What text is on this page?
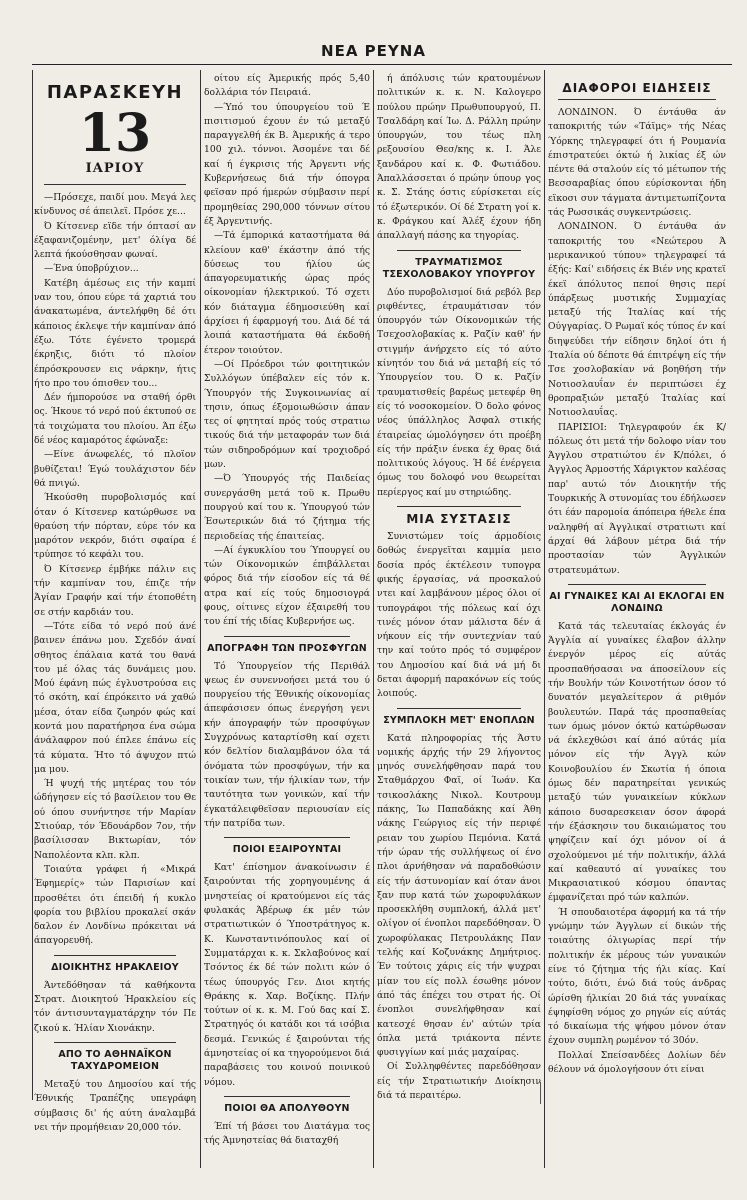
ΝΕΑ ΡΕΥΝΑ
ΠΑΡΑΣΚΕΥΗ
13
ΙΑΡΙΟΥ

—Πρόσεχε, παιδί μου. Μεγά λες κίνδυνος σέ άπειλεϊ. Πρόσε χε...

Ό Κίτσενερ εϊδε τήν όπτασί αν έξαφανιζομένην, μετ' όλίγα δέ λεπτά ήκούσθησαν φωναί.

—Ένα ύποβρύχιον...

Κατέβη άμέσως εις τήν καμπί ναν του, όπου εύρε τά χαρτιά του άνακατωμένα, άντελήφθη δέ ότι κάποιος έκλεψε τήν καμπίναν άπό έξω. Τότε έγένετο τρομερά έκρηξις, διότι τό πλοίον έπρόσκρουσεν εις νάρκην, ήτις ήτο προ του όπισθεν του...

Δέν ήμπορούσε να σταθή όρθι ος. Ήκουε τό νερό πού έκτυπού σε τά τοιχώματα του πλοίου. Άπ έξω δέ νέος καμαρότος έφώναξε:

—Είνε άνωφελές, τό πλοϊον βυθίζεται! Έγώ τουλάχιστον δέν θά πνιγώ.

Ήκούσθη πυροβολισμός καί όταν ό Κίτσενερ κατώρθωσε να θραύση τήν πόρταν, εύρε τόν κα μαρότον νεκρόν, διότι σφαίρα έ τρύπησε τό κεφάλι του.

Ό Κίτσενερ έμβήκε πάλιν εις τήν καμπίναν του, έπιζε τήν Άγίαν Γραφήν καί τήν έτοποθέτη σε στήν καρδιάν του.

—Τότε είδα τό νερό πού άνέ βαινεν έπάνω μου. Σχεδόν άναί σθητος έπάλαια κατά του θανά του μέ όλας τάς δυνάμεις μου. Μού έφάνη πώς έγλυστρούσα εις τό σκότη, καί έπρόκειτο νά χαθώ μέσα, όταν είδα ζωηρόν φώς καί κοντά μου παρατήρησα ένα σώμα άνάλαφρον πού έπλεε έπάνω είς τά κύματα. Ήτο τό άψυχον πτώ μα μου.

Ή ψυχή τής μητέρας του τόν ώδήγησεν είς τό βασίλειον του Θε ού όπου συνήντησε τήν Μαρίαν Στιούαρ, τόν Έδουάρδον 7ον, τήν βασίλισσαν Βικτωρίαν, τόν Ναπολέοντα κλπ. κλπ.

Τοιαύτα γράφει ή «Μικρά Έφημερίς» τών Παρισίων καί προσθέτει ότι έπειδή ή κυκλο φορία του βιβλίου προκαλεί σκάν δαλον έν Λονδίνω πρόκειται νά άπαγορευθή.

ΔΙΟΙΚΗΤΗΣ ΗΡΑΚΛΕΙΟΥ

Άντεδόθησαν τά καθήκοντα Στρατ. Διοικητού Ήρακλείου είς τόν άντισυνταγματάρχην τόν Πε ζικού κ. Ήλίαν Χιονάκην.

ΑΠΟ ΤΟ ΑΘΗΝΑΪΚΟΝ ΤΑΧΥΔΡΟΜΕΙΟΝ

Μεταξύ του Δημοσίου καί τής Έθνικής Τραπέζης υπεγράφη σύμβασις δι' ής αύτη άναλαμβά νει τήν προμήθειαν 20,000 τόν.

οίτου είς Άμερικής πρός 5,40 δολλάρια τόν Πειραιά.

—Ύπό του ύπουργείου τοϋ Έ πισιτισμού έχουν έν τώ μεταξύ παραγγελθή έκ Β. Άμερικής ά τερο 100 χιλ. τόννοι. Άσομένε ται δέ καί ή έγκρισις τής Άργεντι νής Κυβερνήσεως διά τήν όπογρα φεϊσαν πρό ήμερών σύμβασιν περί προμηθείας 290,000 τόννων σίτου έξ Άργεντινής.

—Τά έμπορικά καταστήματα θά κλείουν καθ' έκάστην άπό τής δύσεως του ήλίου ώς άπαγορευματικής ώρας πρός οίκονομίαν ήλεκτρικού. Τό σχετι κόν διάταγμα έδημοσιεύθη καί άρχίσει ή έφαρμογή του. Διά δέ τά λοιπά καταστήματα θά έκδοθή έτερον τοιούτον.

—Οί Πρόεδροι τών φοιτητικών Συλλόγων ύπέβαλεν είς τόν κ. Ύπουργόν τής Συγκοινωνίας αί τησιν, όπως έξομοιωθώσιν άπαν τες οί φητηταί πρός τούς στρατιω τικούς διά τήν μεταφοράν των διά τών σιδηροδρόμων καί τροχιοδρό μων.

—Ό Ύπουργός τής Παιδείας συνεργάσθη μετά τοϋ κ. Πρωθυ πουργού καί του κ. Ύπουργού τών Έσωτερικών διά τό ζήτημα τής περιοδείας τής έπαιτείας.

—Αί έγκυκλίου του Ύπουργεί ου τών Οίκονομικών έπιβάλλεται φόρος διά τήν είσοδον είς τά θέ ατρα καί είς τούς δημοσιογρά φους, οίτινες είχον έξαιρεθή του του έπί τής ιδίας Κυβερνήσε ως.

ΑΠΟΓΡΑΦΗ ΤΩΝ ΠΡΟΣΦΥΓΩΝ

Τό Ύπουργείον τής Περιθάλ ψεως έν συνεννοήσει μετά του ύ πουργείου τής Έθνικής οίκονομίας άπεφάσισεν όπως ένεργήση γενι κήν άπογραφήν τών προσφύγων Συγχρόνως καταρτίσθη καί σχετι κόν δελτίον διαλαμβάνον όλα τά όνόματα τών προσφύγων, τήν κα τοικίαν των, τήν ήλικίαν των, τήν ταυτότητα των γονικών, καί τήν έγκατάλειφθεϊσαν περιουσίαν είς τήν πατρίδα των.

ΠΟΙΟΙ ΕΞΑΙΡΟΥΝΤΑΙ

Κατ' έπίσημον άνακοίνωσιν έ ξαιρούνται τής χορηγουμένης ά μνηστείας οί κρατούμενοι είς τάς φυλακάς Άβέρωφ έκ μέν τών στρατιωτικών ό Ύποστράτηγος κ. Κ. Κωνσταντινόπουλος καί οί Συμματάρχαι κ. κ. Σκλαβούνος καί Τσόντος έκ δέ τών πολιτι κών ό τέως ύπουργός Γεν. Διοι κητής Θράκης κ. Χαρ. Βοζίκης. Πλήν τούτων οί κ. κ. Μ. Γού δας καί Σ. Στρατηγός όι κατάδι κοι τά ισόβια δεσμά. Γενικώς έ ξαιρούνται τής άμνηστείας οί κα τηγορούμενοι διά παραβάσεις του κοινού ποινικού νόμου.

ΠΟΙΟΙ ΘΑ ΑΠΟΛΥΘΟΥΝ

Έπί τή βάσει του Διατάγμα τος τής Άμνηστείας θά διαταχθή

ή άπόλυσις τών κρατουμένων πολιτικών κ. κ. Ν. Καλογερο πούλου πρώην Πρωθυπουργού, Π. Τσαλδάρη καί Ίω. Δ. Ράλλη πρώην ύπουργών, του τέως πλη ρεξουσίου Θεσ/κης κ. Ι. Άλε ξανδάρου καί κ. Φ. Φωτιάδου. Άπαλλάσσεται ό πρώην ύπουρ γος κ. Σ. Στάης όστις εύρίσκεται είς τό έξωτερικόν. Οί δέ Στρατη γοί κ. κ. Φράγκου καί Άλέξ έχουν ήδη άπαλλαγή πάσης κα τηγορίας.

ΤΡΑΥΜΑΤΙΣΜΟΣ ΤΣΕΧΟΛΟΒΑΚΟΥ ΥΠΟΥΡΓΟΥ

Δύο πυροβολισμοί διά ρεβόλ βερ ριφθέντες, έτραυμάτισαν τόν ύπουργόν τών Οίκονομικών τής Τσεχοσλοβακίας κ. Ραζίν καθ' ήν στιγμήν άνήρχετο είς τό αύτο κίνητόν του διά νά μεταβή είς τό Ύπουργείον του. Ό κ. Ραζίν τραυματισθείς βαρέως μετεφέρ θη είς τό νοσοκομείον. Ό δολο φόνος νέος ύπάλληλος Άσφαλ στικής έταιρείας ώμολόγησεν ότι προέβη είς τήν πράξιν ένεκα έχ θρας διά πολιτικούς λόγους. Ή δέ ένέργεια όμως του δολοφό νου θεωρείται περίεργος καί μυ στηριώδης.

ΜΙΑ ΣΥΣΤΑΣΙΣ

Συνιστώμεν τοίς άρμοδίοις δοθώς ένεργεϊται καμμία μειο δοσία πρός έκτέλεσιν τυπογρα φικής έργασίας, νά προσκαλού ντει καί λαμβάνουν μέρος όλοι οί τυπογράφοι τής πόλεως καί όχι τινές μόνον όταν μάλιστα δέν ά νήκουν είς τήν συντεχνίαν ταύ την καί τούτο πρός τό συμφέρον του Δημοσίου καί διά νά μή δι δεται άφορμή παρακόνων είς τούς λοιπούς.

ΣΥΜΠΛΟΚΗ ΜΕΤ' ΕΝΟΠΛΩΝ

Κατά πληροφορίας τής Άστυ νομικής άρχής τήν 29 λήγοντος μηνός συνελήφθησαν παρά του Σταθμάρχου Φαϊ, οί Ίωάν. Κα τσικοσλάκης Νικολ. Κουτρουμ πάκης, Ίω Παπαδάκης καί Άθη νάκης Γεώργιος είς τήν περιφέ ρειαν του χωρίου Πεμόνια. Κατά τήν ώραν τής συλλήψεως οί ένο πλοι άρνήθησαν νά παραδοθώσιν είς τήν άστυνομίαν καί όταν άνοι ξαν πυρ κατά τών χωροφυλάκων προσεκλήθη συμπλοκή, άλλά μετ' ολίγον οί ένοπλοι παρεδόθησαν. Ό χωροφύλακας Πετρουλάκης Παν τελής καί Κοζυνάκης Δημήτριος. Έν τούτοις χάρις είς τήν ψυχραι μίαν του είς πολλ έσωθηε μόνον άπό τάς έπέχει του στρατ ής. Οί ένοπλοι συνελήφθησαν καί κατεσχέ θησαν έν' αύτών τρία όπλα μετά τριάκοντα πέντε φυσιγγίων καί μιάς μαχαίρας.

Οί Συλληφθέντες παρεδόθησαν είς τήν Στρατιωτικήν Διοίκησιν διά τά περαιτέρω.

ΔΙΑΦΟΡΟΙ ΕΙΔΗΣΕΙΣ

ΛΟΝΔΙΝΟΝ. Ό έντάυθα άν ταποκριτής τών «Τάϊμς» τής Νέας Ύόρκης τηλεγραφεί ότι ή Ρουμανία έπιστρατεύει όκτώ ή λικίας έξ ών πέντε θά σταλούν είς τό μέτωπον τής Βεσσαραβίας όπου εύρίσκονται ήδη εϊκοσι συν τάγματα άντιμετωπίζοντα τάς Ρωσσικάς συγκεντρώσεις.

ΛΟΝΔΙΝΟΝ. Ό έντάυθα άν ταποκριτής του «Νεώτερου Ά μερικανικού τύπου» τηλεγραφεί τά έξής: Καί' ειδήσεις έκ Βιέν νης κρατεϊ έκεϊ άπόλυτος πεποί θησις περί ύπάρξεως μυστικής Συμμαχίας μεταξύ τής Ίταλίας καί τής Ούγγαρίας. Ό Ρωμαϊ κός τύπος έν καί διηψεύδει τήν είδησιν δηλοί ότι ή Ίταλία ού δέποτε θά έπιτρέψη είς τήν Τσε χοσλοβακίαν νά βοηθήση τήν Νοτιοσλαυΐαν έν περιπτώσει έχ θροπραξιών μεταξύ Ίταλίας καί Νοτιοσλαυΐας.

ΠΑΡΙΣΙΟΙ: Τηλεγραφούν έκ Κ/πόλεως ότι μετά τήν δολοφο νίαν του Άγγλου στρατιώτου έν Κ/πόλει, ό Άγγλος Άρμοστής Χάριγκτον καλέσας παρ' αυτώ τόν Διοικητήν τής Τουρκικής Ά στυνομίας του έδήλωσεν ότι έάν παρομοία άπόπειρα ήθελε έπα ναληφθή αί Άγγλικαί στρατιωτι καί άρχαί θά λάβουν μέτρα διά τήν προστασίαν τών Άγγλικών στρατευμάτων.

ΑΙ ΓΥΝΑΙΚΕΣ ΚΑΙ ΑΙ ΕΚΛΟΓΑΙ ΕΝ ΛΟΝΔΙΝΩ

Κατά τάς τελευταίας έκλογάς έν Άγγλία αί γυναίκες έλαβον άλλην ένεργόν μέρος είς αύτάς προσπαθήσασαι να άποσείλουν είς τήν Βουλήν τών Κοινοτήτων όσον τό δυνατόν μεγαλείτερον ά ριθμόν βουλευτών. Παρά τάς προσπαθείας των όμως μόνον όκτώ κατώρθωσαν νά έκλεχθώσι καί άπό αύτάς μία μόνον είς τήν Άγγλ κών Κοινοβουλίου έν Σκωτία ή όποια όμως δέν παρατηρείται γενικώς μεταξύ τών γυναικείων κύκλων κάποιο δυσαρεσκειαν όσον άφορά τήν έξάσκησιν του δικαιώματος του ψηφίζειν καί όχι μόνον οί ά σχολούμενοι μέ τήν πολιτικήν, άλλά καί καθεαυτό αί γυναίκες του Μικρασιατικού κόσμου όπαντας έμφανίζεται πρό τών καλπών.

Ή σπουδαιοτέρα άφορμή κα τά τήν γνώμην τών Άγγλων εί δικών τής τοιαύτης όλιγωρίας περί τήν πολιτικήν έκ μέρους τών γυναικών είνε τό ζήτημα τής ήλι κίας. Καί τούτο, διότι, ένώ διά τούς άνδρας ώρίσθη ήλικίαι 20 διά τάς γυναίκας έψηφίσθη νόμος χο ρηγών είς αύτάς τό δικαίωμα τής ψήφου μόνον όταν έχουν συμπλη ρωμένον τό 30όν.

Πολλαί Σπείσανδέες Δολίων δέν θέλουν νά όμολογήσουν ότι είναι
